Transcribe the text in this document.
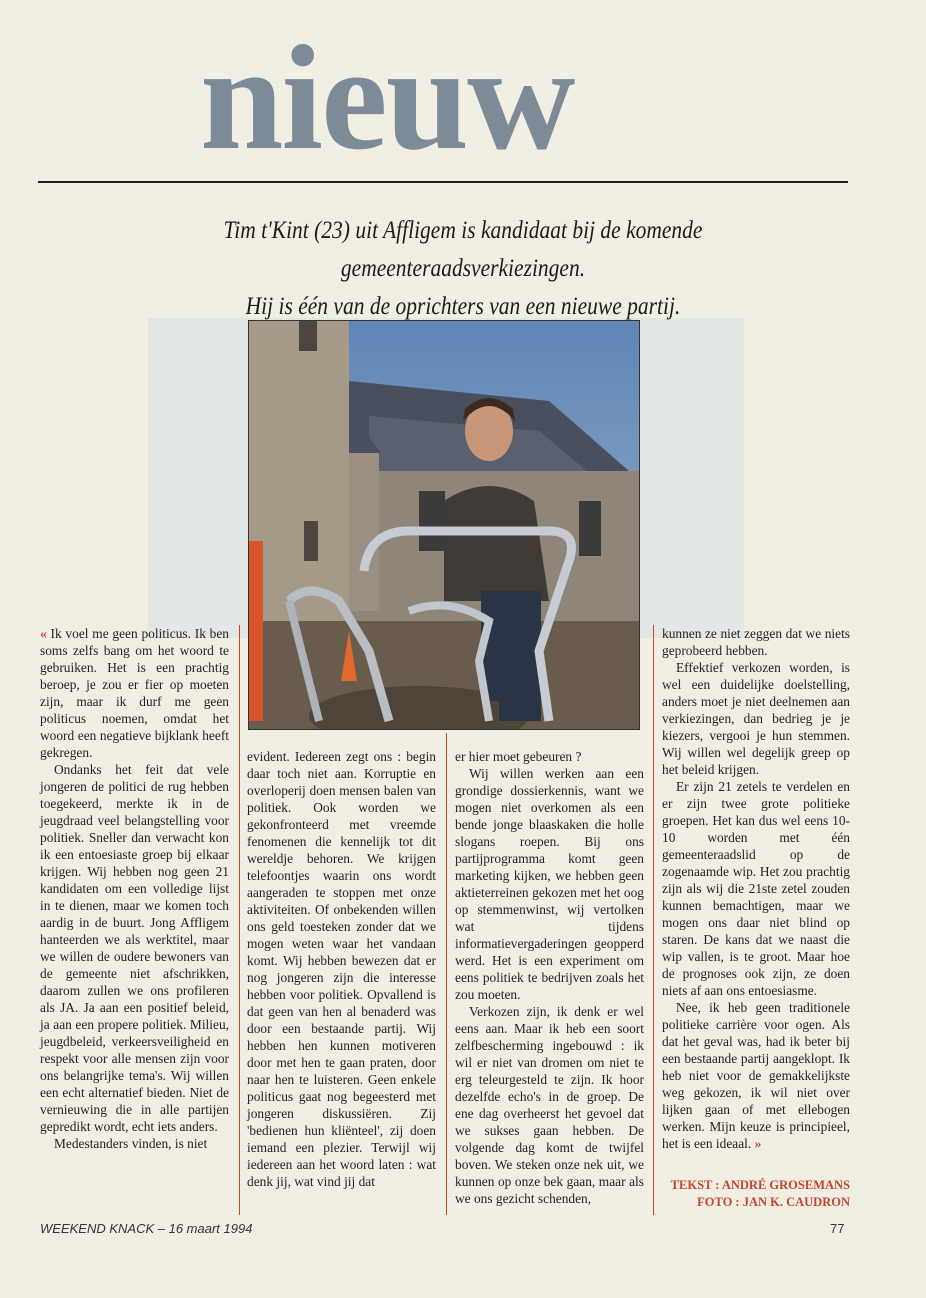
nieuw
Tim t'Kint (23) uit Affligem is kandidaat bij de komende gemeenteraadsverkiezingen.
Hij is één van de oprichters van een nieuwe partij.

« Ik voel me geen politicus. Ik ben soms zelfs bang om het woord te gebruiken. Het is een prachtig beroep, je zou er fier op moeten zijn, maar ik durf me geen politicus noemen, omdat het woord een negatieve bijklank heeft gekregen.

Ondanks het feit dat vele jongeren de politici de rug hebben toegekeerd, merkte ik in de jeugdraad veel belangstelling voor politiek. Sneller dan verwacht kon ik een entoesiaste groep bij elkaar krijgen. Wij hebben nog geen 21 kandidaten om een volledige lijst in te dienen, maar we komen toch aardig in de buurt. Jong Affligem hanteerden we als werktitel, maar we willen de oudere bewoners van de gemeente niet afschrikken, daarom zullen we ons profileren als JA. Ja aan een positief beleid, ja aan een propere politiek. Milieu, jeugdbeleid, verkeersveiligheid en respekt voor alle mensen zijn voor ons belangrijke tema's. Wij willen een echt alternatief bieden. Niet de vernieuwing die in alle partijen gepredikt wordt, echt iets anders.

Medestanders vinden, is niet

evident. Iedereen zegt ons : begin daar toch niet aan. Korruptie en overloperij doen mensen balen van politiek. Ook worden we gekonfronteerd met vreemde fenomenen die kennelijk tot dit wereldje behoren. We krijgen telefoontjes waarin ons wordt aangeraden te stoppen met onze aktiviteiten. Of onbekenden willen ons geld toesteken zonder dat we mogen weten waar het vandaan komt. Wij hebben bewezen dat er nog jongeren zijn die interesse hebben voor politiek. Opvallend is dat geen van hen al benaderd was door een bestaande partij. Wij hebben hen kunnen motiveren door met hen te gaan praten, door naar hen te luisteren. Geen enkele politicus gaat nog begeesterd met jongeren diskussiëren. Zij 'bedienen hun kliënteel', zij doen iemand een plezier. Terwijl wij iedereen aan het woord laten : wat denk jij, wat vind jij dat

er hier moet gebeuren ?

Wij willen werken aan een grondige dossierkennis, want we mogen niet overkomen als een bende jonge blaaskaken die holle slogans roepen. Bij ons partijprogramma komt geen marketing kijken, we hebben geen aktieterreinen gekozen met het oog op stemmenwinst, wij vertolken wat tijdens informatievergaderingen geopperd werd. Het is een experiment om eens politiek te bedrijven zoals het zou moeten.

Verkozen zijn, ik denk er wel eens aan. Maar ik heb een soort zelfbescherming ingebouwd : ik wil er niet van dromen om niet te erg teleurgesteld te zijn. Ik hoor dezelfde echo's in de groep. De ene dag overheerst het gevoel dat we sukses gaan hebben. De volgende dag komt de twijfel boven. We steken onze nek uit, we kunnen op onze bek gaan, maar als we ons gezicht schenden,

kunnen ze niet zeggen dat we niets geprobeerd hebben.

Effektief verkozen worden, is wel een duidelijke doelstelling, anders moet je niet deelnemen aan verkiezingen, dan bedrieg je je kiezers, vergooi je hun stemmen. Wij willen wel degelijk greep op het beleid krijgen.

Er zijn 21 zetels te verdelen en er zijn twee grote politieke groepen. Het kan dus wel eens 10-10 worden met één gemeenteraadslid op de zogenaamde wip. Het zou prachtig zijn als wij die 21ste zetel zouden kunnen bemachtigen, maar we mogen ons daar niet blind op staren. De kans dat we naast die wip vallen, is te groot. Maar hoe de prognoses ook zijn, ze doen niets af aan ons entoesiasme.

Nee, ik heb geen traditionele politieke carrière voor ogen. Als dat het geval was, had ik beter bij een bestaande partij aangeklopt. Ik heb niet voor de gemakkelijkste weg gekozen, ik wil niet over lijken gaan of met ellebogen werken. Mijn keuze is principieel, het is een ideaal. »

TEKST : ANDRÉ GROSEMANS
FOTO : JAN K. CAUDRON
WEEKEND KNACK – 16 maart 1994	77
